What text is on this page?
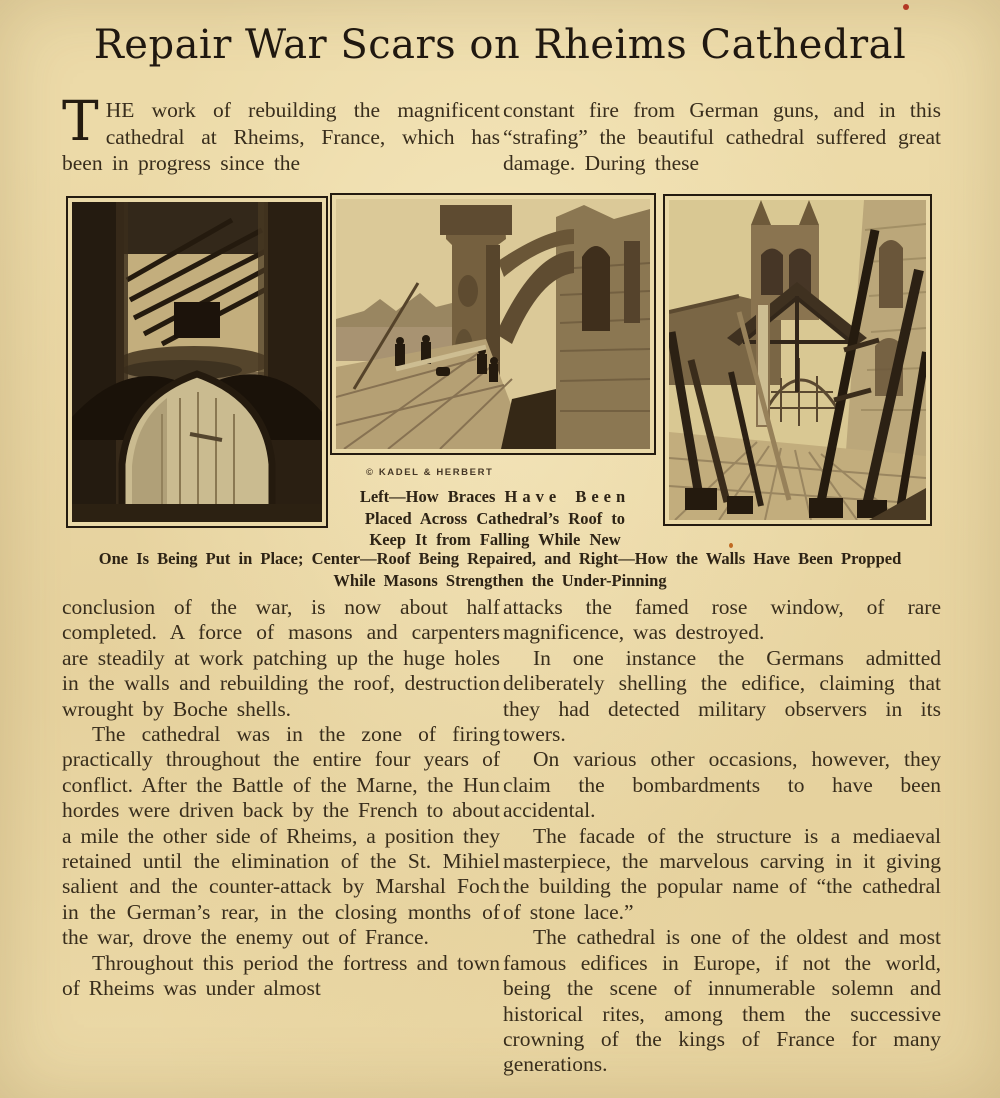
Repair War Scars on Rheims Cathedral
THE work of rebuilding the magnificent cathedral at Rheims, France, which has been in progress since the
constant fire from German guns, and in this “strafing” the beautiful cathedral suffered great damage. During these
© KADEL & HERBERT
Left—How Braces Have Been
Placed Across Cathedral’s Roof to
Keep It from Falling While New
One Is Being Put in Place; Center—Roof Being Repaired, and Right—How the Walls Have Been Propped
While Masons Strengthen the Under-Pinning

conclusion of the war, is now about half completed. A force of masons and carpenters are steadily at work patching up the huge holes in the walls and rebuilding the roof, destruction wrought by Boche shells.

The cathedral was in the zone of firing practically throughout the entire four years of conflict. After the Battle of the Marne, the Hun hordes were driven back by the French to about a mile the other side of Rheims, a position they retained until the elimination of the St. Mihiel salient and the counter-attack by Marshal Foch in the German’s rear, in the closing months of the war, drove the enemy out of France.

Throughout this period the fortress and town of Rheims was under almost

attacks the famed rose window, of rare magnificence, was destroyed.

In one instance the Germans admitted deliberately shelling the edifice, claiming that they had detected military observers in its towers.

On various other occasions, however, they claim the bombardments to have been accidental.

The facade of the structure is a mediaeval masterpiece, the marvelous carving in it giving the building the popular name of “the cathedral of stone lace.”

The cathedral is one of the oldest and most famous edifices in Europe, if not the world, being the scene of innumerable solemn and historical rites, among them the successive crowning of the kings of France for many generations.
